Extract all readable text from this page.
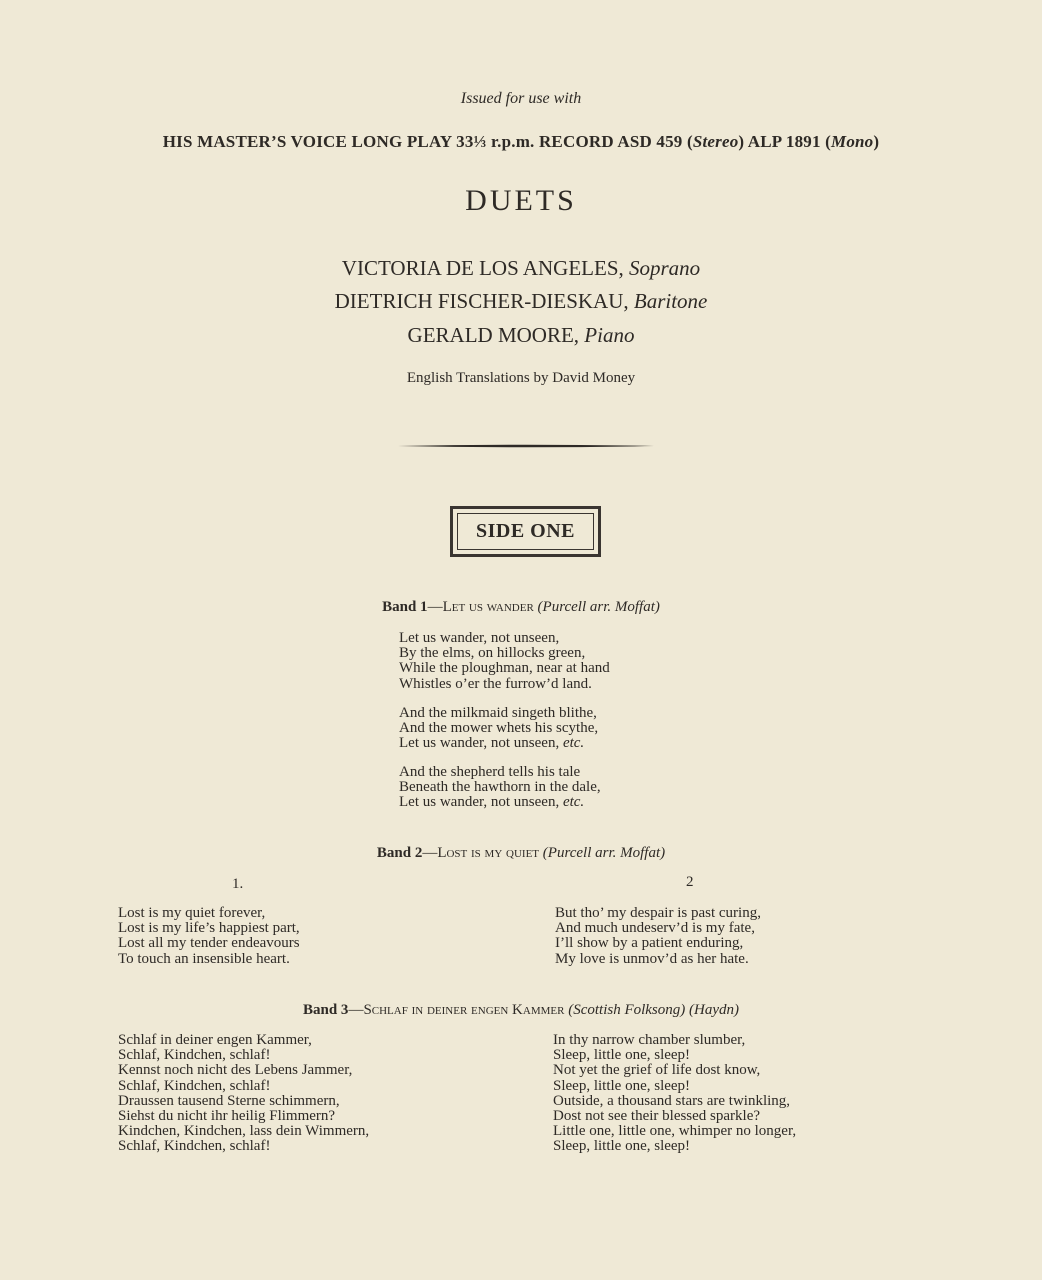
Issued for use with
HIS MASTER’S VOICE LONG PLAY 33⅓ r.p.m. RECORD ASD 459 (Stereo) ALP 1891 (Mono)
DUETS
VICTORIA DE LOS ANGELES, Soprano
DIETRICH FISCHER-DIESKAU, Baritone
GERALD MOORE, Piano
English Translations by David Money
SIDE ONE
Band 1—Let us wander (Purcell arr. Moffat)
Let us wander, not unseen,
By the elms, on hillocks green,
While the ploughman, near at hand
Whistles o’er the furrow’d land.
And the milkmaid singeth blithe,
And the mower whets his scythe,
Let us wander, not unseen, etc.
And the shepherd tells his tale
Beneath the hawthorn in the dale,
Let us wander, not unseen, etc.
Band 2—Lost is my quiet (Purcell arr. Moffat)
1.	2
Lost is my quiet forever,
Lost is my life’s happiest part,
Lost all my tender endeavours
To touch an insensible heart.
But tho’ my despair is past curing,
And much undeserv’d is my fate,
I’ll show by a patient enduring,
My love is unmov’d as her hate.
Band 3—Schlaf in deiner engen Kammer (Scottish Folksong) (Haydn)
Schlaf in deiner engen Kammer,
Schlaf, Kindchen, schlaf!
Kennst noch nicht des Lebens Jammer,
Schlaf, Kindchen, schlaf!
Draussen tausend Sterne schimmern,
Siehst du nicht ihr heilig Flimmern?
Kindchen, Kindchen, lass dein Wimmern,
Schlaf, Kindchen, schlaf!
In thy narrow chamber slumber,
Sleep, little one, sleep!
Not yet the grief of life dost know,
Sleep, little one, sleep!
Outside, a thousand stars are twinkling,
Dost not see their blessed sparkle?
Little one, little one, whimper no longer,
Sleep, little one, sleep!
